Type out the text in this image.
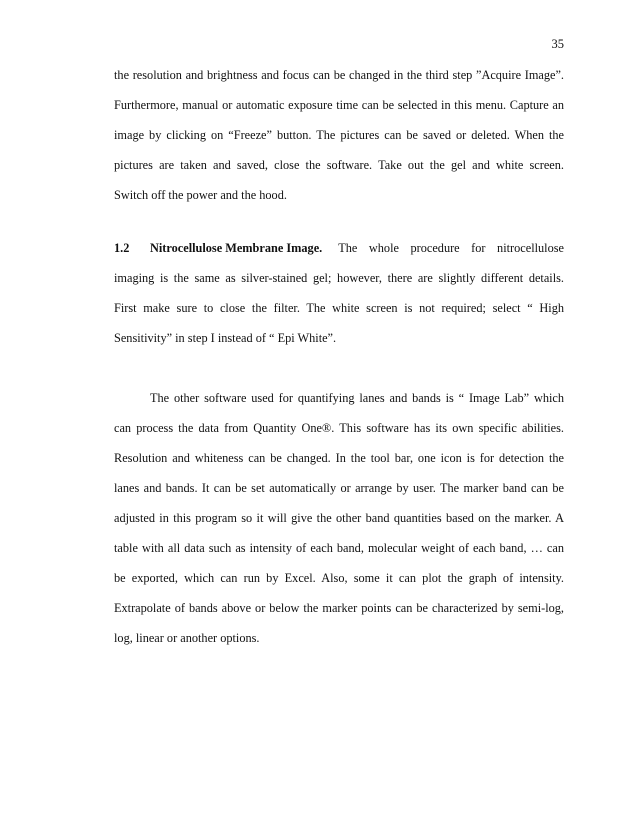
35
the resolution and brightness and focus can be changed in the third step ”Acquire Image”.
Furthermore, manual or automatic exposure time can be selected in this menu. Capture an
image by clicking on “Freeze” button. The pictures can be saved or deleted. When the
pictures are taken and saved, close the software. Take out the gel and white screen.
Switch off the power and the hood.
1.2	Nitrocellulose Membrane Image. The whole procedure for nitrocellulose
imaging is the same as silver-stained gel; however, there are slightly different details.
First make sure to close the filter. The white screen is not required; select “ High
Sensitivity” in step I instead of “ Epi White”.
The other software used for quantifying lanes and bands is “ Image Lab” which
can process the data from Quantity One®. This software has its own specific abilities.
Resolution and whiteness can be changed. In the tool bar, one icon is for detection the
lanes and bands. It can be set automatically or arrange by user. The marker band can be
adjusted in this program so it will give the other band quantities based on the marker. A
table with all data such as intensity of each band, molecular weight of each band, … can
be exported, which can run by Excel. Also, some it can plot the graph of intensity.
Extrapolate of bands above or below the marker points can be characterized by semi-log,
log, linear or another options.
